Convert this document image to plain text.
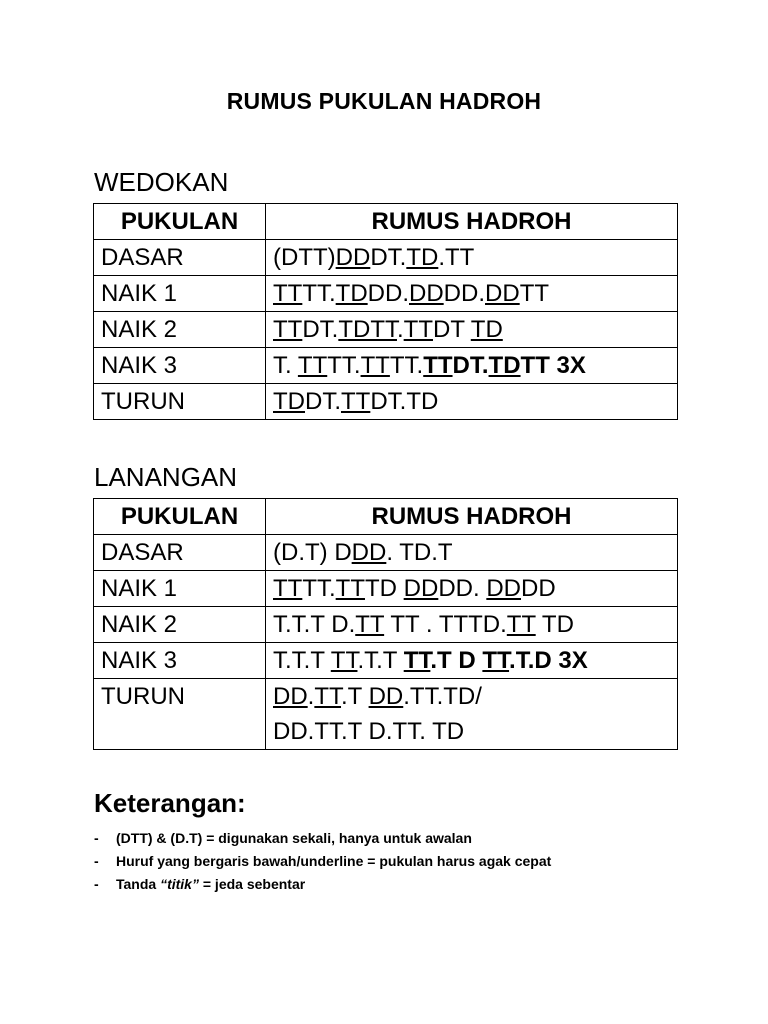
RUMUS PUKULAN HADROH
WEDOKAN
PUKULAN	RUMUS HADROH
DASAR	(DTT)DDDT.TD.TT

NAIK 1	TTTT.TDDD.DDDD.DDTT

NAIK 2	TTDT.TDTT.TTDT TD

NAIK 3	T. TTTT.TTTT.TTDT.TDTT 3X

TURUN	TDDT.TTDT.TD
LANANGAN
PUKULAN	RUMUS HADROH
DASAR	(D.T) DDD. TD.T

NAIK 1	TTTT.TTTD DDDD. DDDD

NAIK 2	T.T.T D.TT TT . TTTD.TT TD

NAIK 3	T.T.T TT.T.T TT.T D TT.T.D 3X

TURUN	DD.TT.T DD.TT.TD/
DD.TT.T D.TT. TD
Keterangan:
- (DTT) & (D.T) = digunakan sekali, hanya untuk awalan
- Huruf yang bergaris bawah/underline = pukulan harus agak cepat
- Tanda “titik” = jeda sebentar
